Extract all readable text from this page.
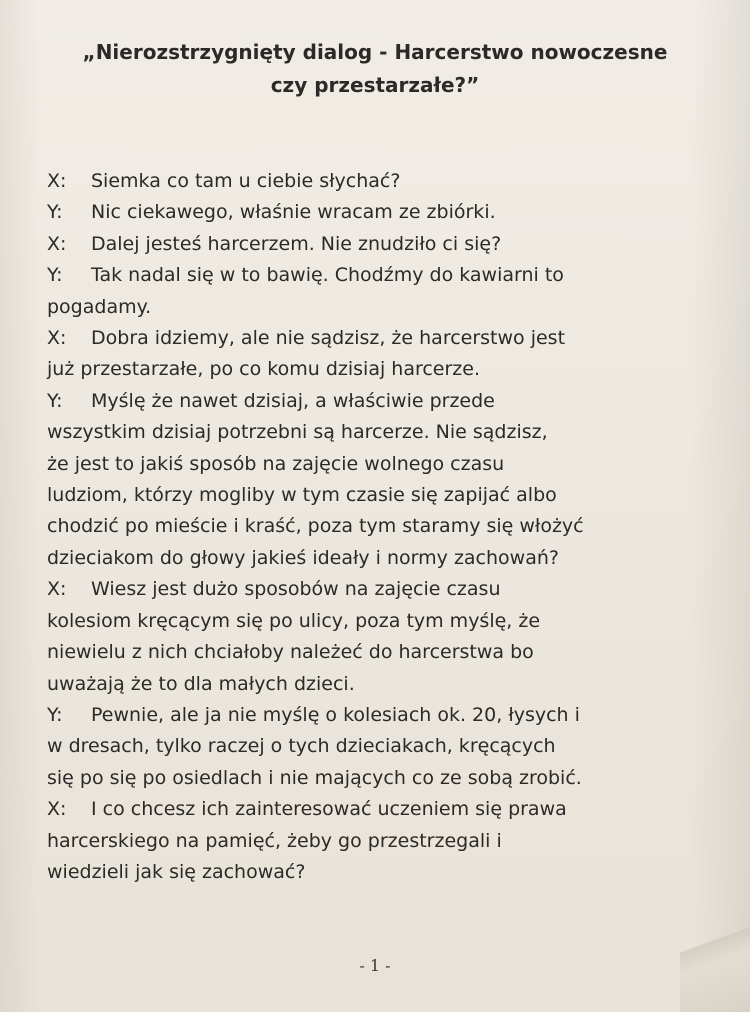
„Nierozstrzygnięty dialog - Harcerstwo nowoczesne
czy przestarzałe?”
X: Siemka co tam u ciebie słychać?
Y: Nic ciekawego, właśnie wracam ze zbiórki.
X: Dalej jesteś harcerzem. Nie znudziło ci się?
Y: Tak nadal się w to bawię. Chodźmy do kawiarni to
pogadamy.
X: Dobra idziemy, ale nie sądzisz, że harcerstwo jest
już przestarzałe, po co komu dzisiaj harcerze.
Y: Myślę że nawet dzisiaj, a właściwie przede
wszystkim dzisiaj potrzebni są harcerze. Nie sądzisz,
że jest to jakiś sposób na zajęcie wolnego czasu
ludziom, którzy mogliby w tym czasie się zapijać albo
chodzić po mieście i kraść, poza tym staramy się włożyć
dzieciakom do głowy jakieś ideały i normy zachowań?
X: Wiesz jest dużo sposobów na zajęcie czasu
kolesiom kręcącym się po ulicy, poza tym myślę, że
niewielu z nich chciałoby należeć do harcerstwa bo
uważają że to dla małych dzieci.
Y: Pewnie, ale ja nie myślę o kolesiach ok. 20, łysych i
w dresach, tylko raczej o tych dzieciakach, kręcących
się po się po osiedlach i nie mających co ze sobą zrobić.
X: I co chcesz ich zainteresować uczeniem się prawa
harcerskiego na pamięć, żeby go przestrzegali i
wiedzieli jak się zachować?
- 1 -
